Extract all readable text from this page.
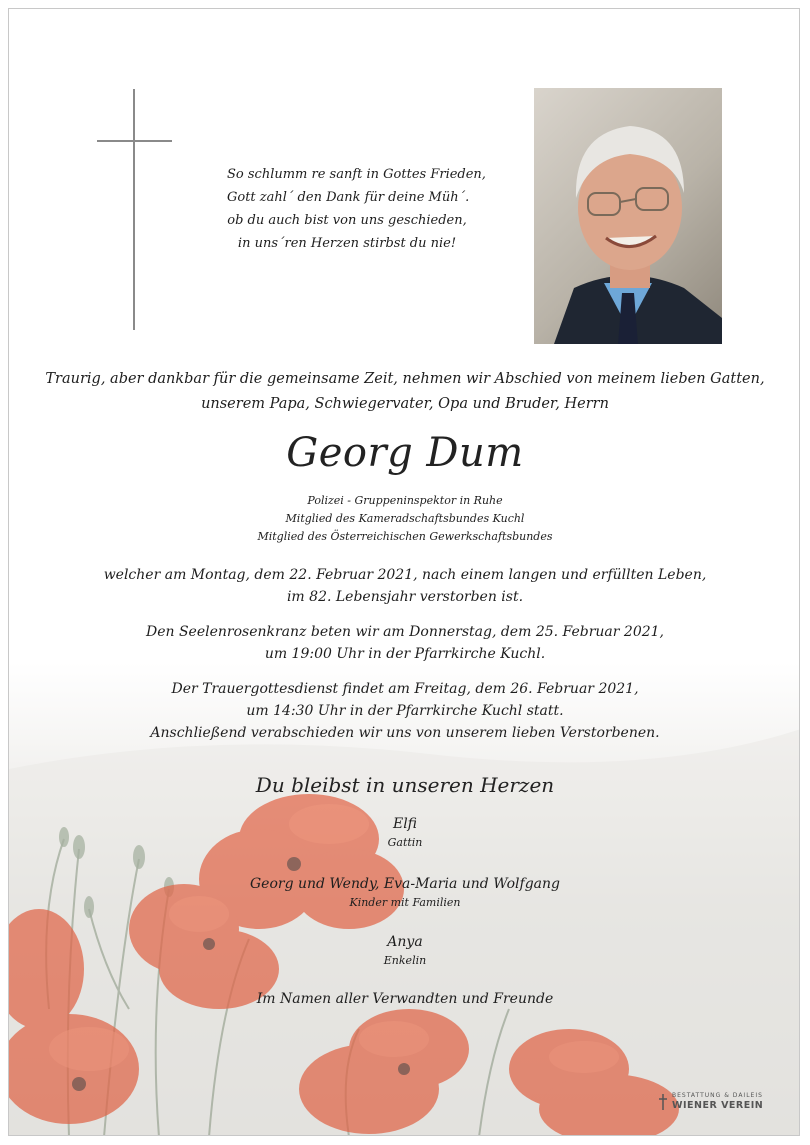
So schlumm re sanft in Gottes Frieden,
Gott zahl´ den Dank für deine Müh´.
ob du auch bist von uns geschieden,
in uns´ren Herzen stirbst du nie!
Traurig, aber dankbar für die gemeinsame Zeit, nehmen wir Abschied von meinem lieben Gatten,
unserem Papa, Schwiegervater, Opa und Bruder, Herrn
Georg Dum
Polizei - Gruppeninspektor in Ruhe
Mitglied des Kameradschaftsbundes Kuchl
Mitglied des Österreichischen Gewerkschaftsbundes
welcher am Montag, dem 22. Februar 2021, nach einem langen und erfüllten Leben,
im 82. Lebensjahr verstorben ist.
Den Seelenrosenkranz beten wir am Donnerstag, dem 25. Februar 2021,
um 19:00 Uhr in der Pfarrkirche Kuchl.
Der Trauergottesdienst findet am Freitag, dem 26. Februar 2021,
um 14:30 Uhr in der Pfarrkirche Kuchl statt.
Anschließend verabschieden wir uns von unserem lieben Verstorbenen.
Du bleibst in unseren Herzen
Elfi
Gattin
Georg und Wendy, Eva-Maria und Wolfgang
Kinder mit Familien
Anya
Enkelin
Im Namen aller Verwandten und Freunde
BESTATTUNG & DAILEIS
WIENER VEREIN
